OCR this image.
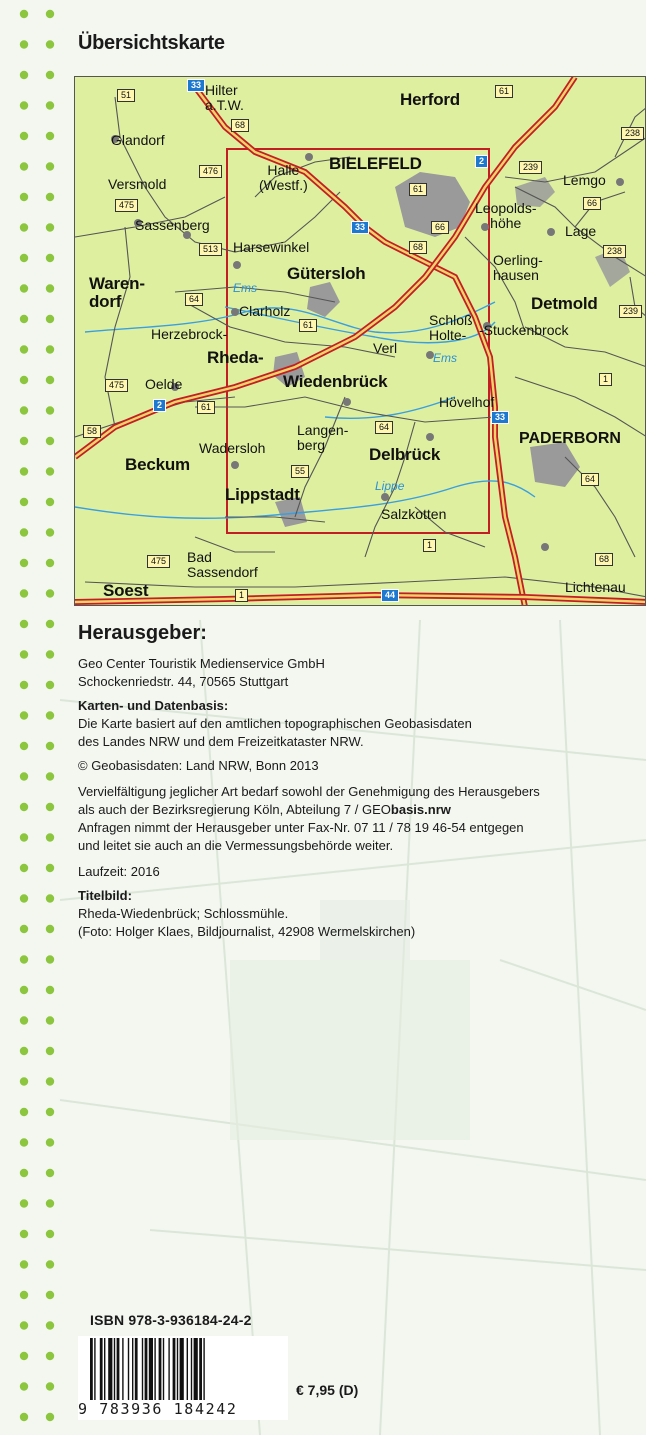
Übersichtskarte
Hilter
a.T.W.	Herford
Glandorf
BIELEFELD
Halle
(Westf.)	Lemgo
Versmold
Leopolds-
höhe
Sassenberg	Lage
Harsewinkel
Oerling-
hausen
Waren-
dorf
Gütersloh
Detmold
Clarholz
Schloß
Holte- -Stuckenbrock
Herzebrock-
Rheda-	Verl
Oelde	Wiedenbrück
Hövelhof
PADERBORN
Langen-
berg
Wadersloh
Beckum
Delbrück
Lippstadt
Salzkotten
Bad
Sassendorf
Soest	Lichtenau
Ems
Ems
Lippe
33
51
68
61
238
476
2
239
475
61
66
66
33
68
513	238
64
61
239
475
1
2	61
58	64
33
55
64
1
475	68
1	44
Herausgeber:

Geo Center Touristik Medienservice GmbH

Schockenriedstr. 44, 70565 Stuttgart

Karten- und Datenbasis:

Die Karte basiert auf den amtlichen topographischen Geobasisdaten

des Landes NRW und dem Freizeitkataster NRW.

© Geobasisdaten: Land NRW, Bonn 2013

Vervielfältigung jeglicher Art bedarf sowohl der Genehmigung des Herausgebers

als auch der Bezirksregierung Köln, Abteilung 7 / GEObasis.nrw

Anfragen nimmt der Herausgeber unter Fax-Nr. 07 11 / 78 19 46-54 entgegen

und leitet sie auch an die Vermessungsbehörde weiter.

Laufzeit: 2016

Titelbild:

Rheda-Wiedenbrück; Schlossmühle.

(Foto: Holger Klaes, Bildjournalist, 42908 Wermelskirchen)

ISBN 978-3-936184-24-2
9 783936 184242
€ 7,95 (D)
